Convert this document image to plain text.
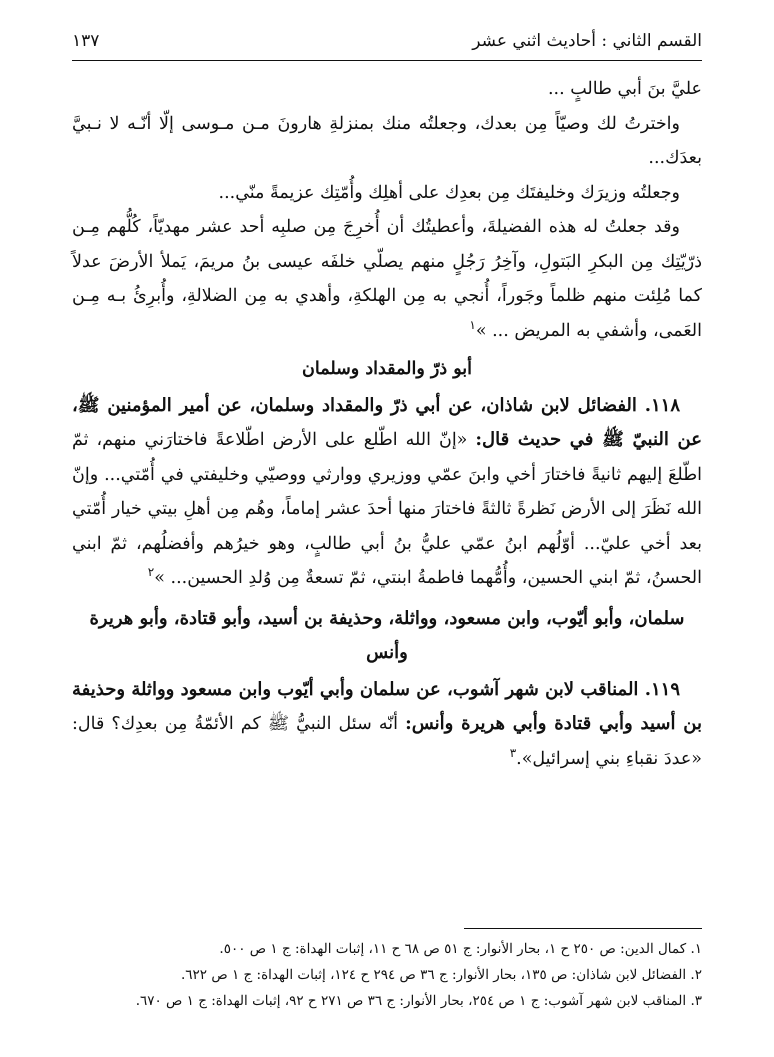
القسم الثاني : أحاديث اثني عشر
١٣٧

عليَّ بنَ أبي طالبٍ ...

واخترتُ لك وصيّاً مِن بعدك، وجعلتُه منك بمنزلةِ هارونَ مـن مـوسى إلّا أنّـه لا نـبيَّ بعدَك...

وجعلتُه وزيرَك وخليفتَك مِن بعدِك على أهلِك وأُمّتِك عزيمةً منّي...

وقد جعلتُ له هذه الفضيلةَ، وأعطيتُك أن أُخرِجَ مِن صلبِه أحد عشر مهديّاً، كُلُّهم مِـن ذرّيّتِك مِن البكرِ البَتولِ، وآخِرُ رَجُلٍ منهم يصلّي خلفَه عيسى بنُ مريمَ، يَملأ الأرضَ عدلاً كما مُلِئت منهم ظلماً وجَوراً، أُنجي به مِن الهلكةِ، وأهدي به مِن الضلالةِ، وأُبرِئُ بـه مِـن العَمى، وأشفي به المريض ... »$^١$

أبو ذرّ والمقداد وسلمان

١١٨. الفضائل لابن شاذان، عن أبي ذرّ والمقداد وسلمان، عن أمير المؤمنين ﷺ، عن النبيّ ﷺ في حديث قال: «إنّ الله اطّلع على الأرض اطّلاعةً فاختارَني منهم، ثمّ اطّلعَ إليهم ثانيةً فاختارَ أخي وابنَ عمّي ووزيري ووارثي ووصيّي وخليفتي في أُمّتي... وإنّ الله نَظَرَ إلى الأرض نَظرةً ثالثةً فاختارَ منها أحدَ عشر إماماً، وهُم مِن أهلِ بيتي خيار أُمّتي بعد أخي عليّ... أوّلُهم ابنُ عمّي عليُّ بنُ أبي طالبٍ، وهو خيرُهم وأفضلُهم، ثمّ ابني الحسنُ، ثمّ ابني الحسين، وأُمُّهما فاطمةُ ابنتي، ثمّ تسعةٌ مِن وُلدِ الحسين... »$^٢$

سلمان، وأبو أيّوب، وابن مسعود، وواثلة، وحذيفة بن أسيد، وأبو قتادة، وأبو هريرة وأنس

١١٩. المناقب لابن شهر آشوب، عن سلمان وأبي أيّوب وابن مسعود وواثلة وحذيفة بن أسيد وأبي قتادة وأبي هريرة وأنس: أنّه سئل النبيُّ ﷺ كم الأئمّةُ مِن بعدِك؟ قال: «عددَ نقباءِ بني إسرائيل».$^٣$

١. كمال الدين: ص ٢٥٠ ح ١، بحار الأنوار: ج ٥١ ص ٦٨ ح ١١، إثبات الهداة: ج ١ ص ٥٠٠.

٢. الفضائل لابن شاذان: ص ١٣٥، بحار الأنوار: ج ٣٦ ص ٢٩٤ ح ١٢٤، إثبات الهداة: ج ١ ص ٦٢٢.

٣. المناقب لابن شهر آشوب: ج ١ ص ٢٥٤، بحار الأنوار: ج ٣٦ ص ٢٧١ ح ٩٢، إثبات الهداة: ج ١ ص ٦٧٠.
